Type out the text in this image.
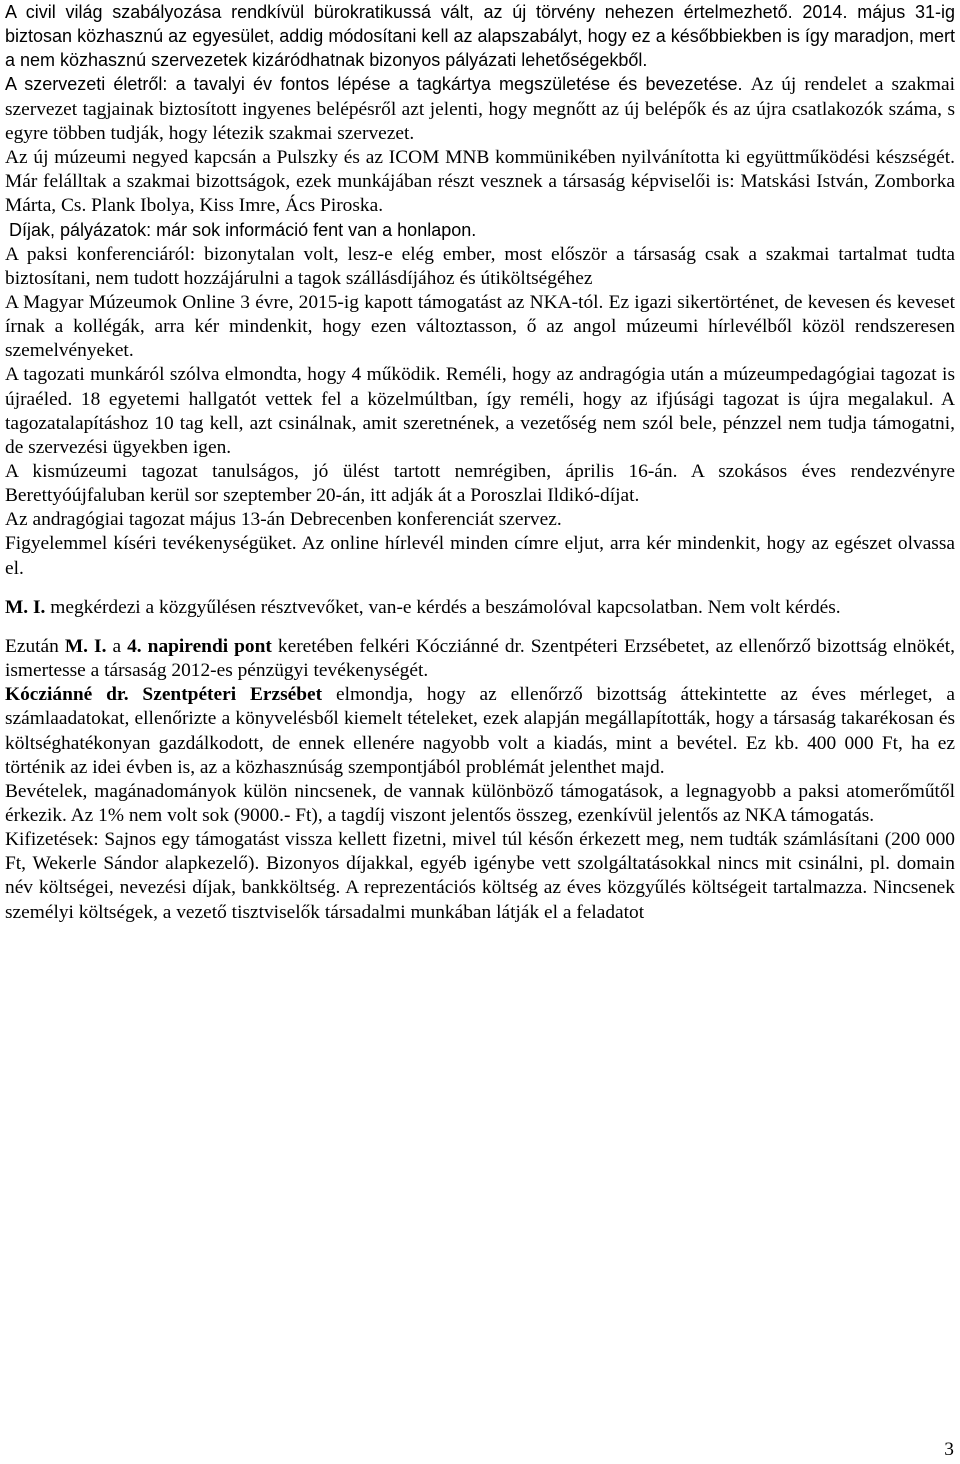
A civil világ szabályozása rendkívül bürokratikussá vált, az új törvény nehezen értelmezhető. 2014. május 31-ig biztosan közhasznú az egyesület, addig módosítani kell az alapszabályt, hogy ez a későbbiekben is így maradjon, mert a nem közhasznú szervezetek kizáródhatnak bizonyos pályázati lehetőségekből.

A szervezeti életről: a tavalyi év fontos lépése a tagkártya megszületése és bevezetése. Az új rendelet a szakmai szervezet tagjainak biztosított ingyenes belépésről azt jelenti, hogy megnőtt az új belépők és az újra csatlakozók száma, s egyre többen tudják, hogy létezik szakmai szervezet.

Az új múzeumi negyed kapcsán a Pulszky és az ICOM MNB kommünikében nyilvánította ki együttműködési készségét. Már felálltak a szakmai bizottságok, ezek munkájában részt vesznek a társaság képviselői is: Matskási István, Zomborka Márta, Cs. Plank Ibolya, Kiss Imre, Ács Piroska.

Díjak, pályázatok: már sok információ fent van a honlapon.

A paksi konferenciáról: bizonytalan volt, lesz-e elég ember, most először a társaság csak a szakmai tartalmat tudta biztosítani, nem tudott hozzájárulni a tagok szállásdíjához és útiköltségéhez

A Magyar Múzeumok Online 3 évre, 2015-ig kapott támogatást az NKA-tól. Ez igazi sikertörténet, de kevesen és keveset írnak a kollégák, arra kér mindenkit, hogy ezen változtasson, ő az angol múzeumi hírlevélből közöl rendszeresen szemelvényeket.

A tagozati munkáról szólva elmondta, hogy 4 működik. Reméli, hogy az andragógia után a múzeumpedagógiai tagozat is újraéled. 18 egyetemi hallgatót vettek fel a közelmúltban, így reméli, hogy az ifjúsági tagozat is újra megalakul. A tagozatalapításhoz 10 tag kell, azt csinálnak, amit szeretnének, a vezetőség nem szól bele, pénzzel nem tudja támogatni, de szervezési ügyekben igen.

A kismúzeumi tagozat tanulságos, jó ülést tartott nemrégiben, április 16-án. A szokásos éves rendezvényre Berettyóújfaluban kerül sor szeptember 20-án, itt adják át a Poroszlai Ildikó-díjat.

Az andragógiai tagozat május 13-án Debrecenben konferenciát szervez.

Figyelemmel kíséri tevékenységüket. Az online hírlevél minden címre eljut, arra kér mindenkit, hogy az egészet olvassa el.

M. I. megkérdezi a közgyűlésen résztvevőket, van-e kérdés a beszámolóval kapcsolatban. Nem volt kérdés.

Ezután M. I. a 4. napirendi pont keretében felkéri Kócziánné dr. Szentpéteri Erzsébetet, az ellenőrző bizottság elnökét, ismertesse a társaság 2012-es pénzügyi tevékenységét.

Kócziánné dr. Szentpéteri Erzsébet elmondja, hogy az ellenőrző bizottság áttekintette az éves mérleget, a számlaadatokat, ellenőrizte a könyvelésből kiemelt tételeket, ezek alapján megállapították, hogy a társaság takarékosan és költséghatékonyan gazdálkodott, de ennek ellenére nagyobb volt a kiadás, mint a bevétel. Ez kb. 400 000 Ft, ha ez történik az idei évben is, az a közhasznúság szempontjából problémát jelenthet majd.

Bevételek, magánadományok külön nincsenek, de vannak különböző támogatások, a legnagyobb a paksi atomerőműtől érkezik. Az 1% nem volt sok (9000.- Ft), a tagdíj viszont jelentős összeg, ezenkívül jelentős az NKA támogatás.

Kifizetések: Sajnos egy támogatást vissza kellett fizetni, mivel túl későn érkezett meg, nem tudták számlásítani (200 000 Ft, Wekerle Sándor alapkezelő). Bizonyos díjakkal, egyéb igénybe vett szolgáltatásokkal nincs mit csinálni, pl. domain név költségei, nevezési díjak, bankköltség. A reprezentációs költség az éves közgyűlés költségeit tartalmazza. Nincsenek személyi költségek, a vezető tisztviselők társadalmi munkában látják el a feladatot

3
